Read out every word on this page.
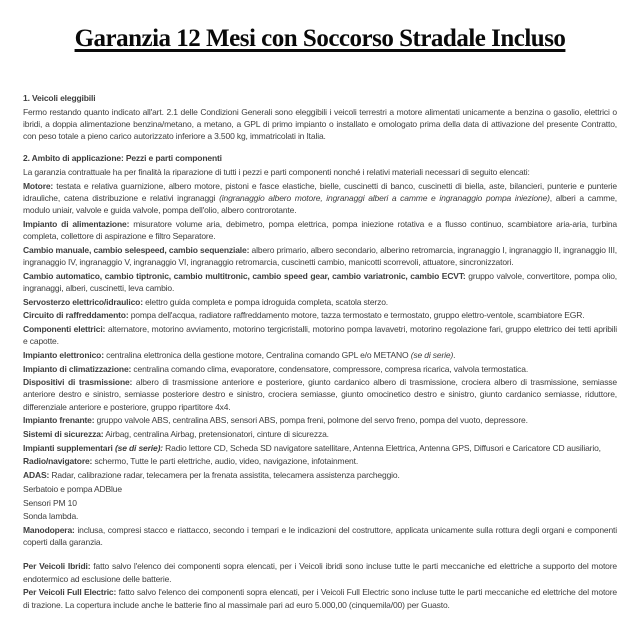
Garanzia 12 Mesi con Soccorso Stradale Incluso

1. Veicoli eleggibili

Fermo restando quanto indicato all'art. 2.1 delle Condizioni Generali sono eleggibili i veicoli terrestri a motore alimentati unicamente a benzina o gasolio, elettrici o ibridi, a doppia alimentazione benzina/metano, a metano, a GPL di primo impianto o installato e omologato prima della data di attivazione del presente Contratto, con peso totale a pieno carico autorizzato inferiore a 3.500 kg, immatricolati in Italia.

2. Ambito di applicazione: Pezzi e parti componenti

La garanzia contrattuale ha per finalità la riparazione di tutti i pezzi e parti componenti nonché i relativi materiali necessari di seguito elencati:

Motore: testata e relativa guarnizione, albero motore, pistoni e fasce elastiche, bielle, cuscinetti di banco, cuscinetti di biella, aste, bilancieri, punterie e punterie idrauliche, catena distribuzione e relativi ingranaggi (ingranaggio albero motore, ingranaggi alberi a camme e ingranaggio pompa iniezione), alberi a camme, modulo uniair, valvole e guida valvole, pompa dell'olio, albero controrotante.

Impianto di alimentazione: misuratore volume aria, debimetro, pompa elettrica, pompa iniezione rotativa e a flusso continuo, scambiatore aria-aria, turbina completa, collettore di aspirazione e filtro Separatore.

Cambio manuale, cambio selespeed, cambio sequenziale: albero primario, albero secondario, alberino retromarcia, ingranaggio I, ingranaggio II, ingranaggio III, ingranaggio IV, ingranaggio V, ingranaggio VI, ingranaggio retromarcia, cuscinetti cambio, manicotti scorrevoli, attuatore, sincronizzatori.

Cambio automatico, cambio tiptronic, cambio multitronic, cambio speed gear, cambio variatronic, cambio ECVT: gruppo valvole, convertitore, pompa olio, ingranaggi, alberi, cuscinetti, leva cambio.

Servosterzo elettrico/idraulico: elettro guida completa e pompa idroguida completa, scatola sterzo.

Circuito di raffreddamento: pompa dell'acqua, radiatore raffreddamento motore, tazza termostato e termostato, gruppo elettro-ventole, scambiatore EGR.

Componenti elettrici: alternatore, motorino avviamento, motorino tergicristalli, motorino pompa lavavetri, motorino regolazione fari, gruppo elettrico dei tetti apribili e capotte.

Impianto elettronico: centralina elettronica della gestione motore, Centralina comando GPL e/o METANO (se di serie).

Impianto di climatizzazione: centralina comando clima, evaporatore, condensatore, compressore, compresa ricarica, valvola termostatica.

Dispositivi di trasmissione: albero di trasmissione anteriore e posteriore, giunto cardanico albero di trasmissione, crociera albero di trasmissione, semiasse anteriore destro e sinistro, semiasse posteriore destro e sinistro, crociera semiasse, giunto omocinetico destro e sinistro, giunto cardanico semiasse, riduttore, differenziale anteriore e posteriore, gruppo ripartitore 4x4.

Impianto frenante: gruppo valvole ABS, centralina ABS, sensori ABS, pompa freni, polmone del servo freno, pompa del vuoto, depressore.

Sistemi di sicurezza: Airbag, centralina Airbag, pretensionatori, cinture di sicurezza.

Impianti supplementari (se di serie): Radio lettore CD, Scheda SD navigatore satellitare, Antenna Elettrica, Antenna GPS, Diffusori e Caricatore CD ausiliario,

Radio/navigatore: schermo, Tutte le parti elettriche, audio, video, navigazione, infotainment.

ADAS: Radar, calibrazione radar, telecamera per la frenata assistita, telecamera assistenza parcheggio.

Serbatoio e pompa ADBlue

Sensori PM 10

Sonda lambda.

Manodopera: inclusa, compresi stacco e riattacco, secondo i tempari e le indicazioni del costruttore, applicata unicamente sulla rottura degli organi e componenti coperti dalla garanzia.

Per Veicoli Ibridi: fatto salvo l'elenco dei componenti sopra elencati, per i Veicoli ibridi sono incluse tutte le parti meccaniche ed elettriche a supporto del motore endotermico ad esclusione delle batterie.

Per Veicoli Full Electric: fatto salvo l'elenco dei componenti sopra elencati, per i Veicoli Full Electric sono incluse tutte le parti meccaniche ed elettriche del motore di trazione. La copertura include anche le batterie fino al massimale pari ad euro 5.000,00 (cinquemila/00) per Guasto.
